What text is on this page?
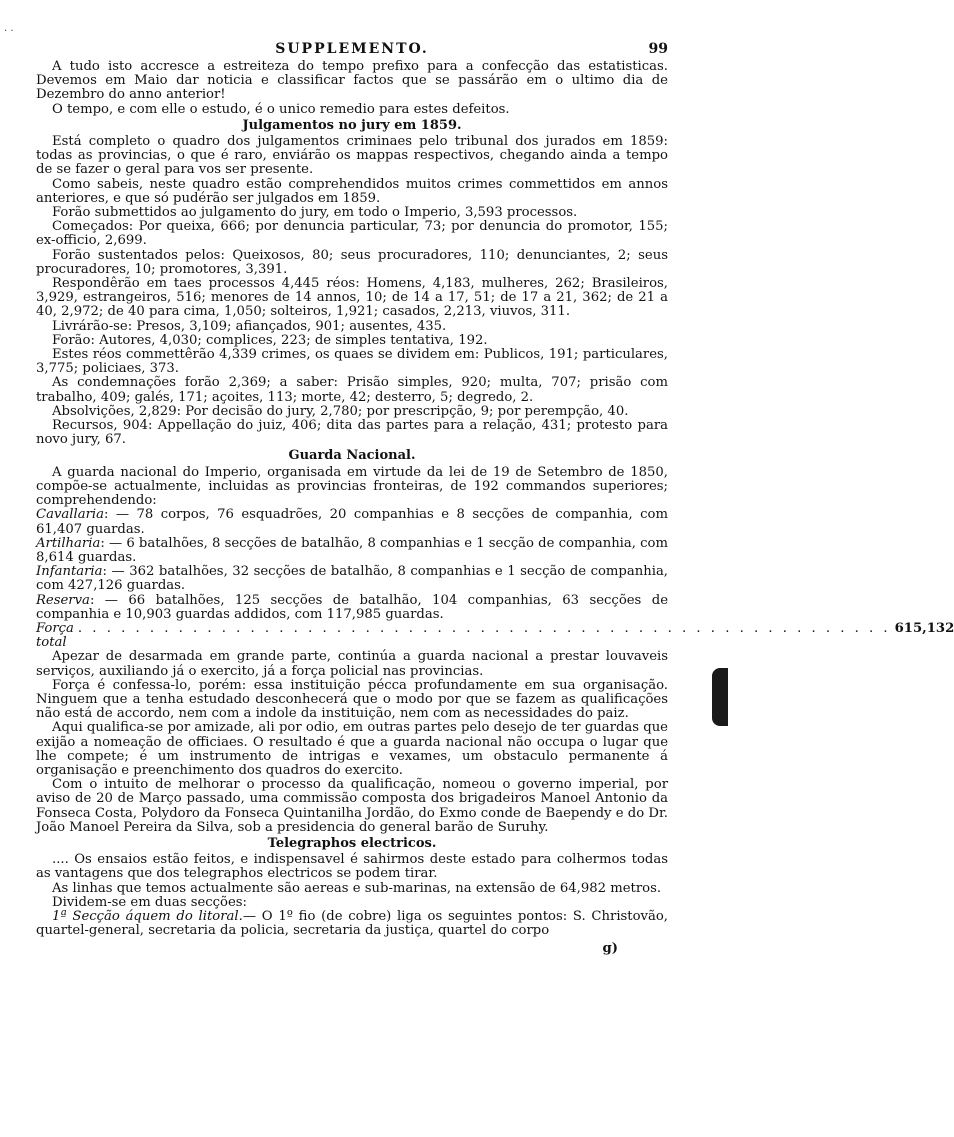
· ·
SUPPLEMENTO.	99

A tudo isto accresce a estreiteza do tempo prefixo para a confecção das estatisticas. Devemos em Maio dar noticia e classificar factos que se passárão em o ultimo dia de Dezembro do anno anterior!

O tempo, e com elle o estudo, é o unico remedio para estes defeitos.

Julgamentos no jury em 1859.

Está completo o quadro dos julgamentos criminaes pelo tribunal dos jurados em 1859: todas as provincias, o que é raro, enviárão os mappas respectivos, chegando ainda a tempo de se fazer o geral para vos ser presente.

Como sabeis, neste quadro estão comprehendidos muitos crimes commettidos em annos anteriores, e que só pudérão ser julgados em 1859.

Forão submettidos ao julgamento do jury, em todo o Imperio, 3,593 processos.

Começados: Por queixa, 666; por denuncia particular, 73; por denuncia do promotor, 155; ex-officio, 2,699.

Forão sustentados pelos: Queixosos, 80; seus procuradores, 110; denunciantes, 2; seus procuradores, 10; promotores, 3,391.

Respondêrão em taes processos 4,445 réos: Homens, 4,183, mulheres, 262; Brasileiros, 3,929, estrangeiros, 516; menores de 14 annos, 10; de 14 a 17, 51; de 17 a 21, 362; de 21 a 40, 2,972; de 40 para cima, 1,050; solteiros, 1,921; casados, 2,213, viuvos, 311.

Livrárão-se: Presos, 3,109; afiançados, 901; ausentes, 435.

Forão: Autores, 4,030; complices, 223; de simples tentativa, 192.

Estes réos commettêrão 4,339 crimes, os quaes se dividem em: Publicos, 191; particulares, 3,775; policiaes, 373.

As condemnações forão 2,369; a saber: Prisão simples, 920; multa, 707; prisão com trabalho, 409; galés, 171; açoites, 113; morte, 42; desterro, 5; degredo, 2.

Absolvições, 2,829: Por decisão do jury, 2,780; por prescripção, 9; por perempção, 40.

Recursos, 904: Appellação do juiz, 406; dita das partes para a relação, 431; protesto para novo jury, 67.

Guarda Nacional.

A guarda nacional do Imperio, organisada em virtude da lei de 19 de Setembro de 1850, compõe-se actualmente, incluidas as provincias fronteiras, de 192 commandos superiores; comprehendendo:

Cavallaria: — 78 corpos, 76 esquadrões, 20 companhias e 8 secções de companhia, com 61,407 guardas.

Artilharia: — 6 batalhões, 8 secções de batalhão, 8 companhias e 1 secção de companhia, com 8,614 guardas.

Infantaria: — 362 batalhões, 32 secções de batalhão, 8 companhias e 1 secção de companhia, com 427,126 guardas.

Reserva: — 66 batalhões, 125 secções de batalhão, 104 companhias, 63 secções de companhia e 10,903 guardas addidos, com 117,985 guardas.

Força total
. . . . . . . . . . . . . . . . . . . . . . . . . . . . . . . . . . . . . . . . . . . . . . . . . . . . . . . . . 615,132

Apezar de desarmada em grande parte, continúa a guarda nacional a prestar louvaveis serviços, auxiliando já o exercito, já a força policial nas provincias.

Força é confessa-lo, porém: essa instituição pécca profundamente em sua organisação. Ninguem que a tenha estudado desconhecerá que o modo por que se fazem as qualificações não está de accordo, nem com a indole da instituição, nem com as necessidades do paiz.

Aqui qualifica-se por amizade, ali por odio, em outras partes pelo desejo de ter guardas que exijão a nomeação de officiaes. O resultado é que a guarda nacional não occupa o lugar que lhe compete; é um instrumento de intrigas e vexames, um obstaculo permanente á organisação e preenchimento dos quadros do exercito.

Com o intuito de melhorar o processo da qualificação, nomeou o governo imperial, por aviso de 20 de Março passado, uma commissão composta dos brigadeiros Manoel Antonio da Fonseca Costa, Polydoro da Fonseca Quintanilha Jordão, do Exmo conde de Baependy e do Dr. João Manoel Pereira da Silva, sob a presidencia do general barão de Suruhy.

Telegraphos electricos.

.... Os ensaios estão feitos, e indispensavel é sahirmos deste estado para colhermos todas as vantagens que dos telegraphos electricos se podem tirar.

As linhas que temos actualmente são aereas e sub-marinas, na extensão de 64,982 metros.

Dividem-se em duas secções:

1ª Secção áquem do litoral.— O 1º fio (de cobre) liga os seguintes pontos: S. Christovão, quartel-general, secretaria da policia, secretaria da justiça, quartel do corpo

g)
